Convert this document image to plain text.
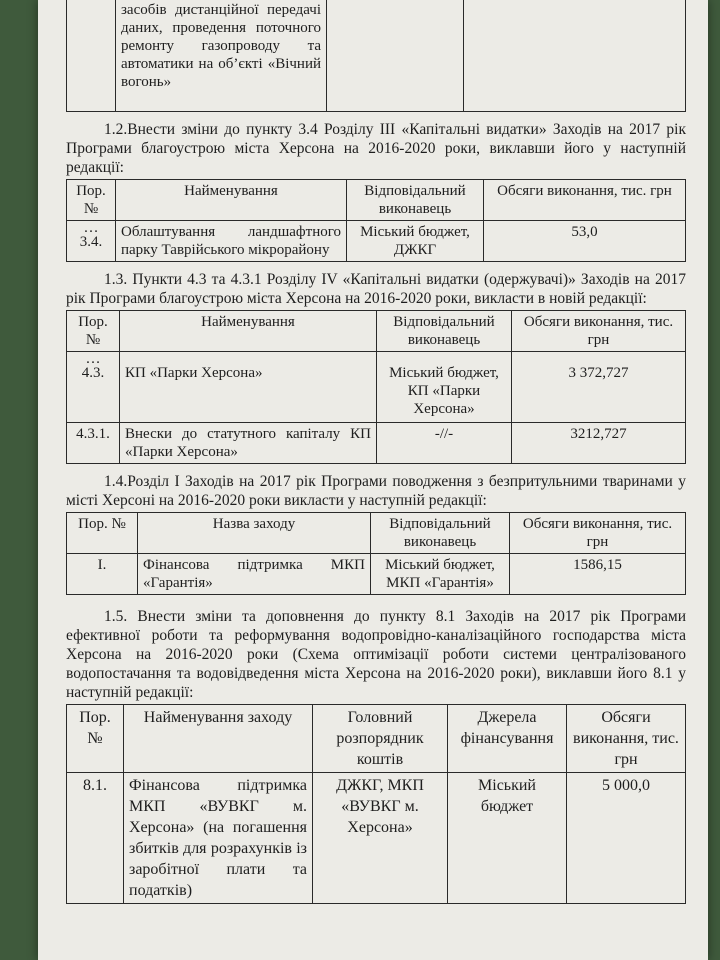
	засобів дистанційної передачі даних, проведення поточного ремонту газопроводу та автоматики на об’єкті «Вічний вогонь»		

1.2.Внести зміни до пункту 3.4 Розділу III «Капітальні видатки» Заходів на 2017 рік Програми благоустрою міста Херсона на 2016-2020 роки, виклавши його у наступній редакції:

Пор. №	Найменування	Відповідальний виконавець	Обсяги виконання, тис. грн

…
3.4.	Облаштування ландшафтного парку Таврійського мікрорайону	Міський бюджет, ДЖКГ	53,0

1.3. Пункти 4.3 та 4.3.1 Розділу IV «Капітальні видатки (одержувачі)» Заходів на 2017 рік Програми благоустрою міста Херсона на 2016-2020 роки, викласти в новій редакції:

Пор. №	Найменування	Відповідальний виконавець	Обсяги виконання, тис. грн

…
4.3.	КП «Парки Херсона»	Міський бюджет, КП «Парки Херсона»	3 372,727
4.3.1.	Внески до статутного капіталу КП «Парки Херсона»	-//-	3212,727

1.4.Розділ I Заходів на 2017 рік Програми поводження з безпритульними тваринами у місті Херсоні на 2016-2020 роки викласти у наступній редакції:

Пор. №	Назва заходу	Відповідальний виконавець	Обсяги виконання, тис. грн
I.	Фінансова підтримка МКП «Гарантія»	Міський бюджет, МКП «Гарантія»	1586,15

1.5. Внести зміни та доповнення до пункту 8.1 Заходів на 2017 рік Програми ефективної роботи та реформування водопровідно-каналізаційного господарства міста Херсона на 2016-2020 роки (Схема оптимізації роботи системи централізованого водопостачання та водовідведення міста Херсона на 2016-2020 роки), виклавши його 8.1 у наступній редакції:

Пор. №	Найменування заходу	Головний розпорядник коштів	Джерела фінансування	Обсяги виконання, тис. грн
8.1.	Фінансова підтримка МКП «ВУВКГ м. Херсона» (на погашення збитків для розрахунків із заробітної плати та податків)	ДЖКГ, МКП «ВУВКГ м. Херсона»	Міський бюджет	5 000,0
